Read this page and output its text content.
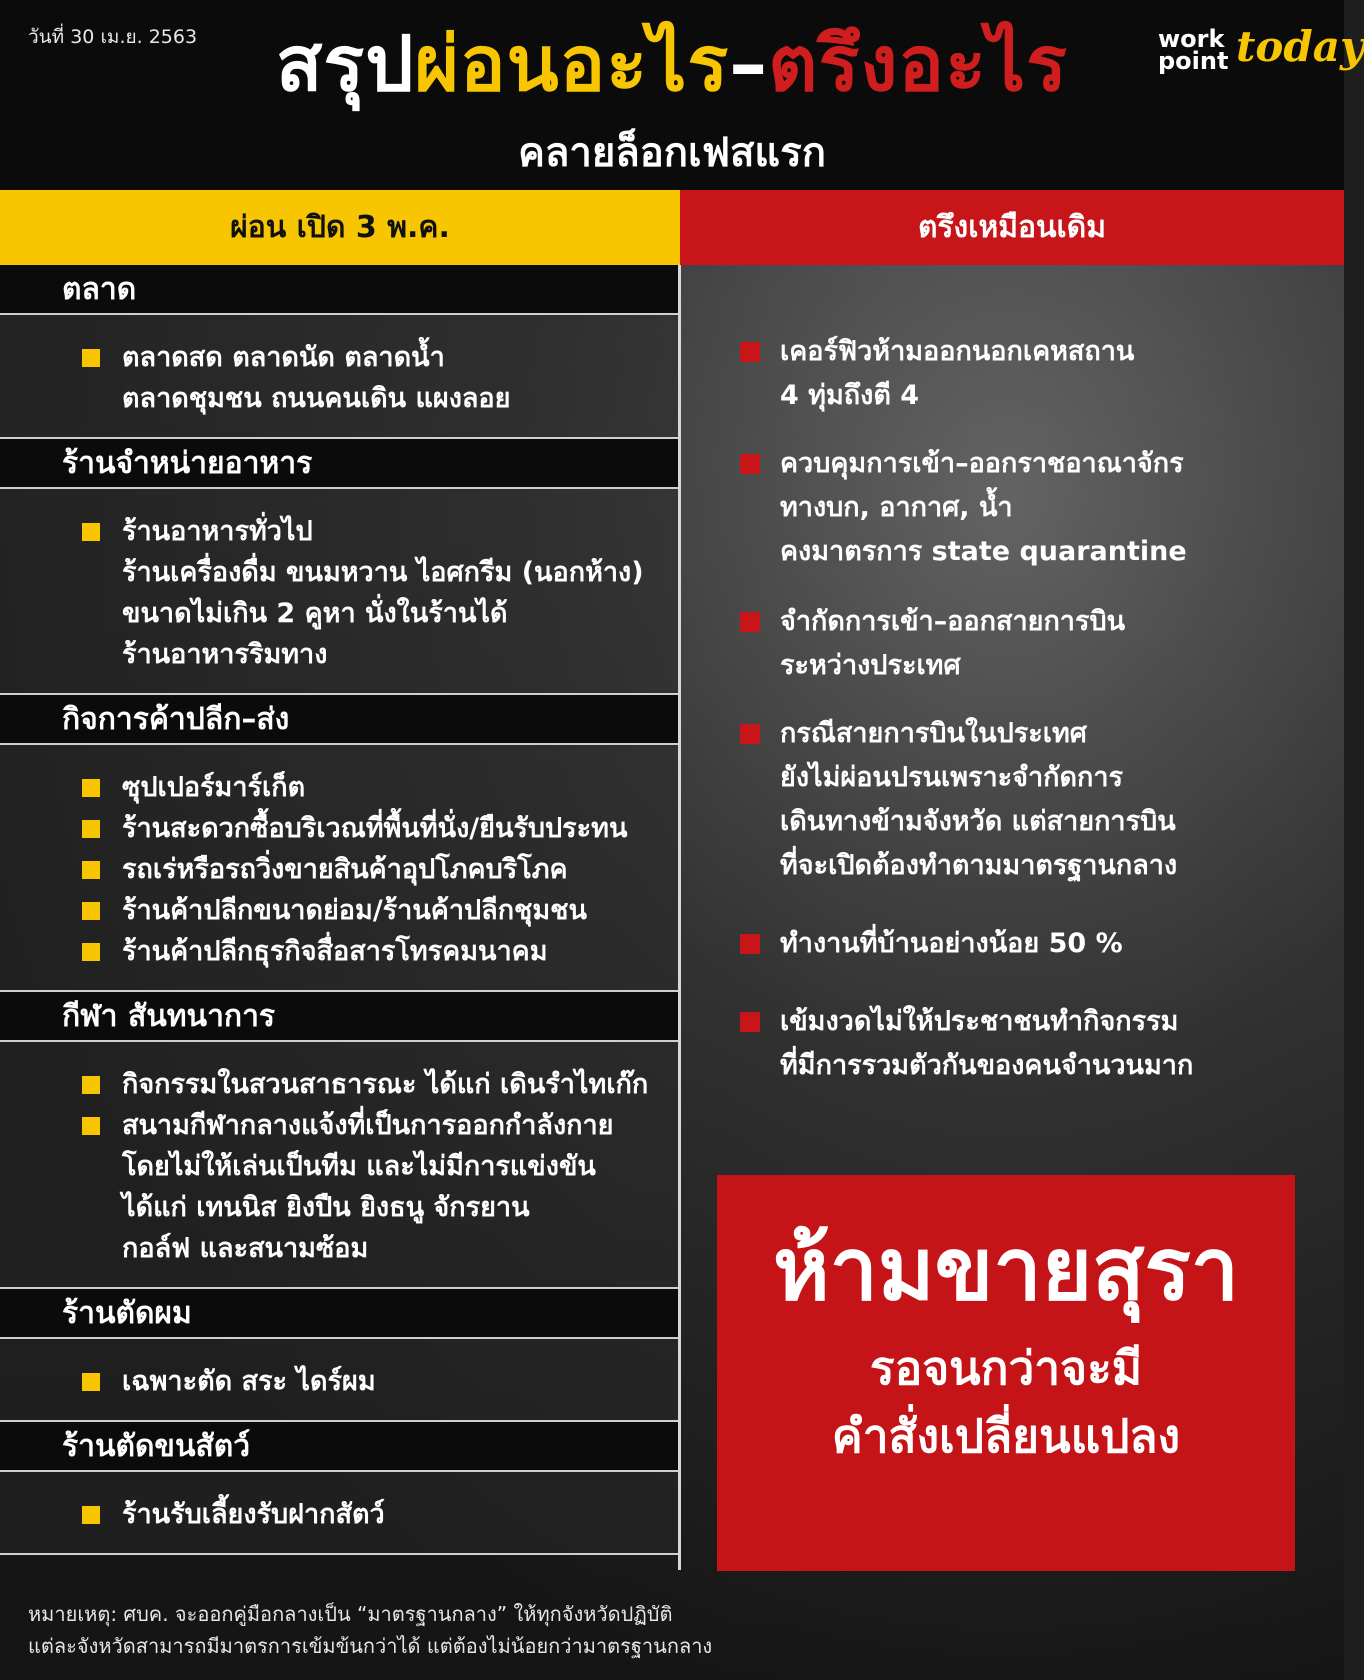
วันที่ 30 เม.ย. 2563	สรุปผ่อนอะไร–ตรึงอะไร
คลายล็อกเฟสแรก
work
point today
ผ่อน เปิด 3 พ.ค.	ตรึงเหมือนเดิม
ตลาด
ตลาดสด ตลาดนัด ตลาดน้ำ
ตลาดชุมชน ถนนคนเดิน แผงลอย
ร้านจำหน่ายอาหาร
ร้านอาหารทั่วไป
ร้านเครื่องดื่ม ขนมหวาน ไอศกรีม (นอกห้าง)
ขนาดไม่เกิน 2 คูหา นั่งในร้านได้
ร้านอาหารริมทาง
กิจการค้าปลีก–ส่ง
ซุปเปอร์มาร์เก็ต
ร้านสะดวกซื้อบริเวณที่พื้นที่นั่ง/ยืนรับประทน
รถเร่หรือรถวิ่งขายสินค้าอุปโภคบริโภค
ร้านค้าปลีกขนาดย่อม/ร้านค้าปลีกชุมชน
ร้านค้าปลีกธุรกิจสื่อสารโทรคมนาคม
กีฬา สันทนาการ
กิจกรรมในสวนสาธารณะ ได้แก่ เดินรำไทเก๊ก
สนามกีฬากลางแจ้งที่เป็นการออกกำลังกาย
โดยไม่ให้เล่นเป็นทีม และไม่มีการแข่งขัน
ได้แก่ เทนนิส ยิงปืน ยิงธนู จักรยาน
กอล์ฟ และสนามซ้อม
ร้านตัดผม
เฉพาะตัด สระ ไดร์ผม
ร้านตัดขนสัตว์
ร้านรับเลี้ยงรับฝากสัตว์
เคอร์ฟิวห้ามออกนอกเคหสถาน
4 ทุ่มถึงตี 4
ควบคุมการเข้า–ออกราชอาณาจักร
ทางบก, อากาศ, น้ำ
คงมาตรการ state quarantine
จำกัดการเข้า–ออกสายการบิน
ระหว่างประเทศ
กรณีสายการบินในประเทศ
ยังไม่ผ่อนปรนเพราะจำกัดการ
เดินทางข้ามจังหวัด แต่สายการบิน
ที่จะเปิดต้องทำตามมาตรฐานกลาง
ทำงานที่บ้านอย่างน้อย 50 %
เข้มงวดไม่ให้ประชาชนทำกิจกรรม
ที่มีการรวมตัวกันของคนจำนวนมาก
ห้ามขายสุรา
รอจนกว่าจะมี
คำสั่งเปลี่ยนแปลง
หมายเหตุ: ศบค. จะออกคู่มือกลางเป็น “มาตรฐานกลาง” ให้ทุกจังหวัดปฏิบัติ
แต่ละจังหวัดสามารถมีมาตรการเข้มข้นกว่าได้ แต่ต้องไม่น้อยกว่ามาตรฐานกลาง
